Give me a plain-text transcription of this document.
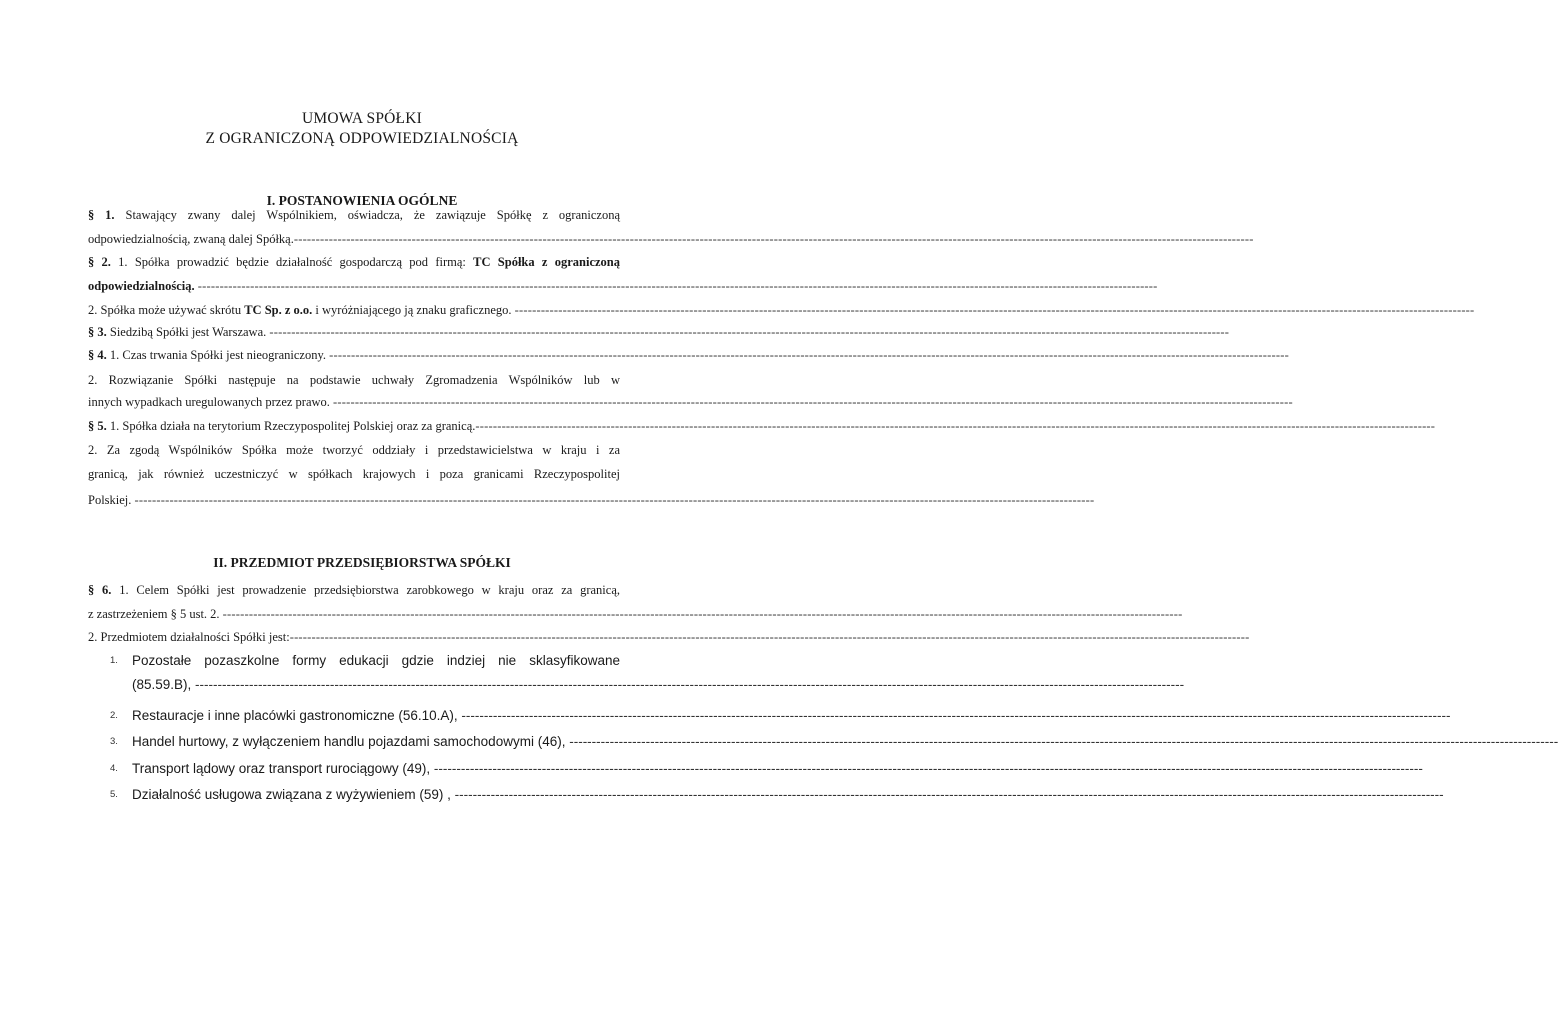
UMOWA SPÓŁKI
Z OGRANICZONĄ ODPOWIEDZIALNOŚCIĄ
I. POSTANOWIENIA OGÓLNE
§ 1. Stawający zwany dalej Wspólnikiem, oświadcza, że zawiązuje Spółkę z ograniczoną
odpowiedzialnością, zwaną dalej Spółką. ----------------------------------------------------------------------------------------------------------------------------------------------------------------------------------------------------------------------------
§ 2. 1. Spółka prowadzić będzie działalność gospodarczą pod firmą: TC Spółka z ograniczoną
odpowiedzialnością. ----------------------------------------------------------------------------------------------------------------------------------------------------------------------------------------------------------------------------
2. Spółka może używać skrótu TC Sp. z o.o. i wyróżniającego ją znaku graficznego. ----------------------------------------------------------------------------------------------------------------------------------------------------------------------------------------------------------------------------
§ 3. Siedzibą Spółki jest Warszawa. ----------------------------------------------------------------------------------------------------------------------------------------------------------------------------------------------------------------------------
§ 4. 1. Czas trwania Spółki jest nieograniczony. ----------------------------------------------------------------------------------------------------------------------------------------------------------------------------------------------------------------------------
2. Rozwiązanie Spółki następuje na podstawie uchwały Zgromadzenia Wspólników lub w
innych wypadkach uregulowanych przez prawo. ----------------------------------------------------------------------------------------------------------------------------------------------------------------------------------------------------------------------------
§ 5. 1. Spółka działa na terytorium Rzeczypospolitej Polskiej oraz za granicą. ----------------------------------------------------------------------------------------------------------------------------------------------------------------------------------------------------------------------------
2. Za zgodą Wspólników Spółka może tworzyć oddziały i przedstawicielstwa w kraju i za
granicą, jak również uczestniczyć w spółkach krajowych i poza granicami Rzeczypospolitej
Polskiej. ----------------------------------------------------------------------------------------------------------------------------------------------------------------------------------------------------------------------------
II. PRZEDMIOT PRZEDSIĘBIORSTWA SPÓŁKI
§ 6. 1. Celem Spółki jest prowadzenie przedsiębiorstwa zarobkowego w kraju oraz za granicą,
z zastrzeżeniem § 5 ust. 2. ----------------------------------------------------------------------------------------------------------------------------------------------------------------------------------------------------------------------------
2. Przedmiotem działalności Spółki jest: ----------------------------------------------------------------------------------------------------------------------------------------------------------------------------------------------------------------------------
1. Pozostałe pozaszkolne formy edukacji gdzie indziej nie sklasyfikowane
(85.59.B), ----------------------------------------------------------------------------------------------------------------------------------------------------------------------------------------------------------------------------
2. Restauracje i inne placówki gastronomiczne (56.10.A), ----------------------------------------------------------------------------------------------------------------------------------------------------------------------------------------------------------------------------
3. Handel hurtowy, z wyłączeniem handlu pojazdami samochodowymi (46), ----------------------------------------------------------------------------------------------------------------------------------------------------------------------------------------------------------------------------
4. Transport lądowy oraz transport rurociągowy (49), ----------------------------------------------------------------------------------------------------------------------------------------------------------------------------------------------------------------------------
5. Działalność usługowa związana z wyżywieniem (59) , ----------------------------------------------------------------------------------------------------------------------------------------------------------------------------------------------------------------------------
